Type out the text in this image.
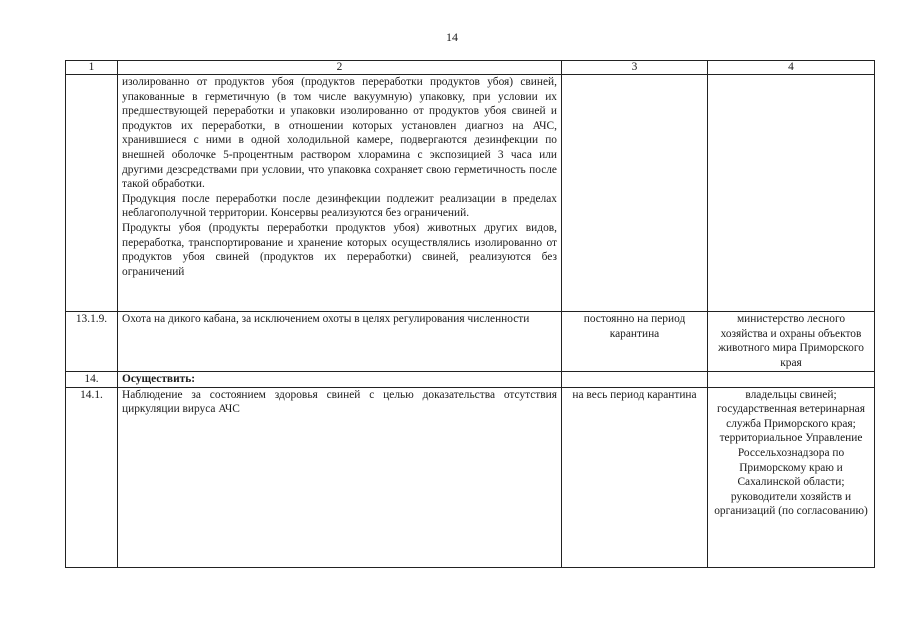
14
1	2	3	4

	изолированно от продуктов убоя (продуктов переработки продуктов убоя) свиней, упакованные в герметичную (в том числе вакуумную) упаковку, при условии их предшествующей переработки и упаковки изолированно от продуктов убоя свиней и продуктов их переработки, в отношении которых установлен диагноз на АЧС, хранившиеся с ними в одной холодильной камере, подвергаются дезинфекции по внешней оболочке 5-процентным раствором хлорамина с экспозицией 3 часа или другими дезсредствами при условии, что упаковка сохраняет свою герметичность после такой обработки.
Продукция после переработки после дезинфекции подлежит реализации в пределах неблагополучной территории. Консервы реализуются без ограничений.
Продукты убоя (продукты переработки продуктов убоя) животных других видов, переработка, транспортирование и хранение которых осуществлялись изолированно от продуктов убоя свиней (продуктов их переработки) свиней, реализуются без ограничений		

13.1.9.	Охота на дикого кабана, за исключением охоты в целях регулирования численности	постоянно на период карантина	министерство лесного хозяйства и охраны объектов животного мира Приморского края
14.	Осуществить:		
14.1.	Наблюдение за состоянием здоровья свиней с целью доказательства отсутствия циркуляции вируса АЧС	на весь период карантина	владельцы свиней; государственная ветеринарная служба Приморского края; территориальное Управление Россельхознадзора по Приморскому краю и Сахалинской области; руководители хозяйств и организаций (по согласованию)
